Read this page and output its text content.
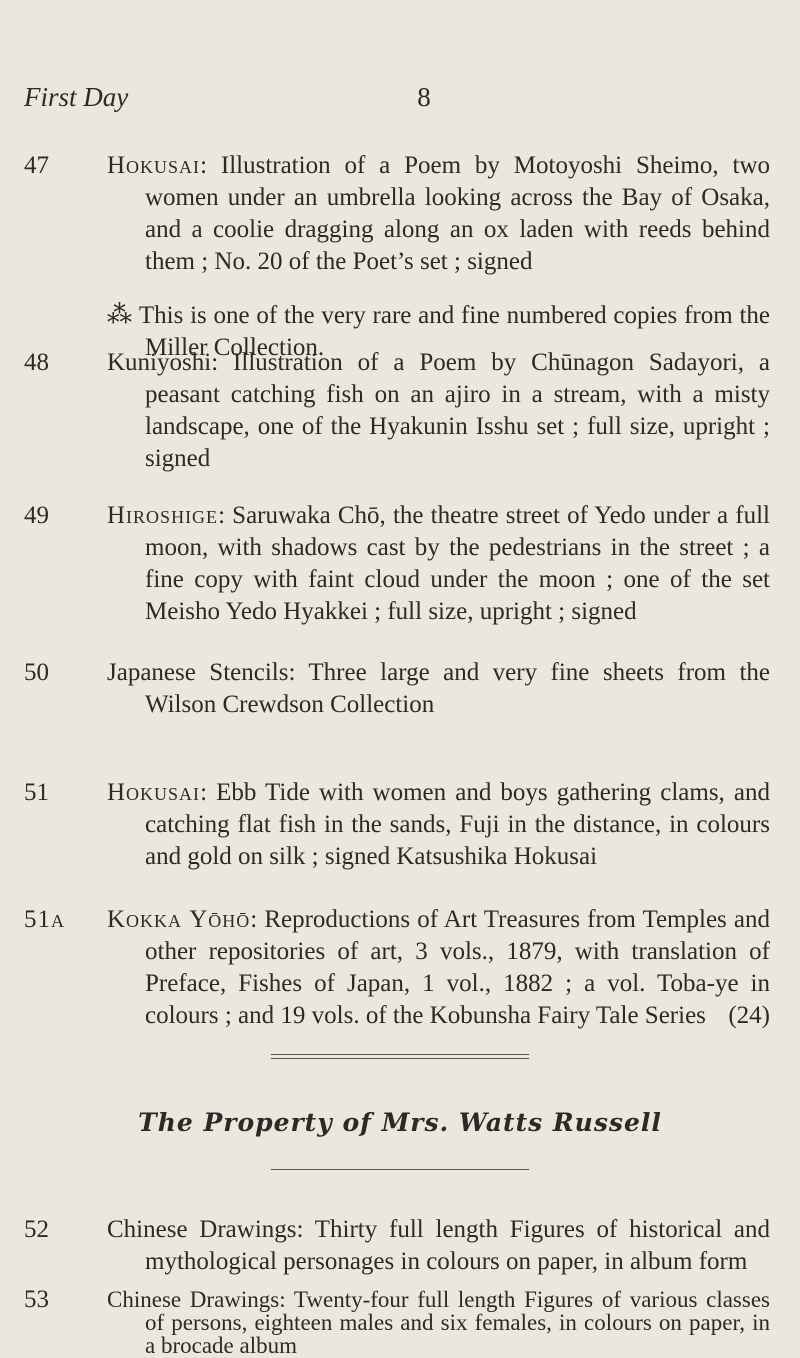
First Day	8
47	Hokusai: Illustration of a Poem by Motoyoshi Sheimo, two women under an umbrella looking across the Bay of Osaka, and a coolie dragging along an ox laden with reeds behind them ; No. 20 of the Poet’s set ; signed

⁂ This is one of the very rare and fine numbered copies from the Miller Collection.

48	Kuniyoshi: Illustration of a Poem by Chūnagon Sadayori, a peasant catching fish on an ajiro in a stream, with a misty landscape, one of the Hyakunin Isshu set ; full size, upright ; signed

49	Hiroshige: Saruwaka Chō, the theatre street of Yedo under a full moon, with shadows cast by the pedestrians in the street ; a fine copy with faint cloud under the moon ; one of the set Meisho Yedo Hyakkei ; full size, upright ; signed

50	Japanese Stencils: Three large and very fine sheets from the Wilson Crewdson Collection

51	Hokusai: Ebb Tide with women and boys gathering clams, and catching flat fish in the sands, Fuji in the distance, in colours and gold on silk ; signed Katsushika Hokusai

51a Kokka Yōhō: Reproductions of Art Treasures from Temples and other repositories of art, 3 vols., 1879, with translation of Preface, Fishes of Japan, 1 vol., 1882 ; a vol. Toba-ye in colours ; and 19 vols. of the Kobunsha Fairy Tale Series (24)

The Property of Mrs. Watts Russell
52	Chinese Drawings: Thirty full length Figures of historical and mythological personages in colours on paper, in album form

53	Chinese Drawings: Twenty-four full length Figures of various classes of persons, eighteen males and six females, in colours on paper, in a brocade album
